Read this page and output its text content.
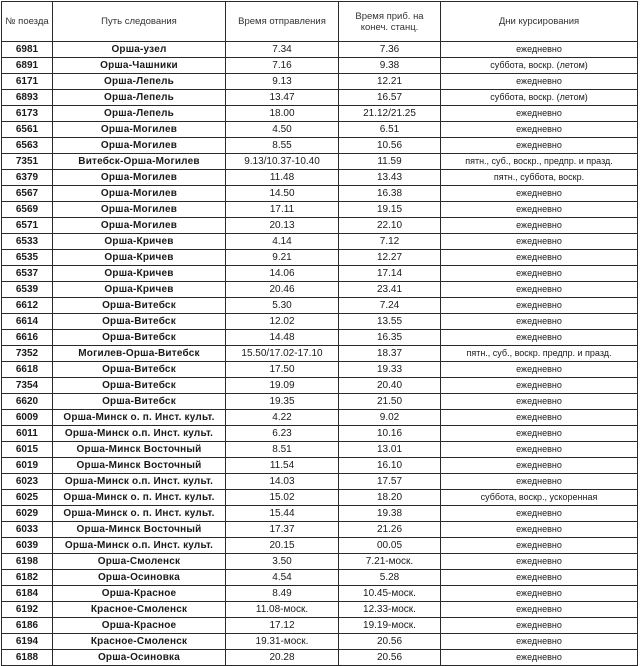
№ поезда	Путь следования	Время отправления	Время приб. на конеч. станц.	Дни курсирования
6981	Орша-узел	7.34	7.36	ежедневно
6891	Орша-Чашники	7.16	9.38	суббота, воскр. (летом)
6171	Орша-Лепель	9.13	12.21	ежедневно
6893	Орша-Лепель	13.47	16.57	суббота, воскр. (летом)
6173	Орша-Лепель	18.00	21.12/21.25	ежедневно
6561	Орша-Могилев	4.50	6.51	ежедневно
6563	Орша-Могилев	8.55	10.56	ежедневно
7351	Витебск-Орша-Могилев	9.13/10.37-10.40	11.59	пятн., суб., воскр., предпр. и празд.
6379	Орша-Могилев	11.48	13.43	пятн., суббота, воскр.
6567	Орша-Могилев	14.50	16.38	ежедневно
6569	Орша-Могилев	17.11	19.15	ежедневно
6571	Орша-Могилев	20.13	22.10	ежедневно
6533	Орша-Кричев	4.14	7.12	ежедневно
6535	Орша-Кричев	9.21	12.27	ежедневно
6537	Орша-Кричев	14.06	17.14	ежедневно
6539	Орша-Кричев	20.46	23.41	ежедневно
6612	Орша-Витебск	5.30	7.24	ежедневно
6614	Орша-Витебск	12.02	13.55	ежедневно
6616	Орша-Витебск	14.48	16.35	ежедневно
7352	Могилев-Орша-Витебск	15.50/17.02-17.10	18.37	пятн., суб., воскр. предпр. и празд.
6618	Орша-Витебск	17.50	19.33	ежедневно
7354	Орша-Витебск	19.09	20.40	ежедневно
6620	Орша-Витебск	19.35	21.50	ежедневно
6009	Орша-Минск о. п. Инст. культ.	4.22	9.02	ежедневно
6011	Орша-Минск о.п. Инст. культ.	6.23	10.16	ежедневно
6015	Орша-Минск Восточный	8.51	13.01	ежедневно
6019	Орша-Минск Восточный	11.54	16.10	ежедневно
6023	Орша-Минск о.п. Инст. культ.	14.03	17.57	ежедневно
6025	Орша-Минск о. п. Инст. культ.	15.02	18.20	суббота, воскр., ускоренная
6029	Орша-Минск о. п. Инст. культ.	15.44	19.38	ежедневно
6033	Орша-Минск Восточный	17.37	21.26	ежедневно
6039	Орша-Минск о.п. Инст. культ.	20.15	00.05	ежедневно
6198	Орша-Смоленск	3.50	7.21-моск.	ежедневно
6182	Орша-Осиновка	4.54	5.28	ежедневно
6184	Орша-Красное	8.49	10.45-моск.	ежедневно
6192	Красное-Смоленск	11.08-моск.	12.33-моск.	ежедневно
6186	Орша-Красное	17.12	19.19-моск.	ежедневно
6194	Красное-Смоленск	19.31-моск.	20.56	ежедневно
6188	Орша-Осиновка	20.28	20.56	ежедневно
